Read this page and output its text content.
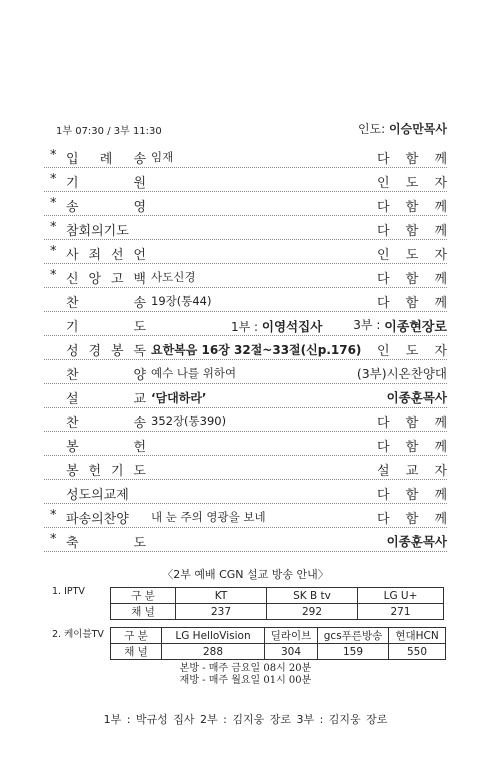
1부 07:30 / 3부 11:30	인도: 이승만목사
* 입 례 송 임재	다 함 께
* 기	원	인 도 자
* 송	영	다 함 께
* 참회의기도	다 함 께
* 사 죄 선 언	인 도 자
* 신 앙 고 백 사도신경	다 함 께
찬	송 19장(통44)	다 함 께
기	도	1부 : 이영석집사	3부 : 이종현장로
성 경 봉 독 요한복음 16장 32절~33절(신p.176) 인 도 자
찬	양 예수 나를 위하여	(3부)시온찬양대
설	교 ‘담대하라’	이종훈목사
찬	송 352장(통390)	다 함 께
봉	헌	다 함 께
봉 헌 기 도	설 교 자
성도의교제	다 함 께
* 파송의찬양	내 눈 주의 영광을 보네	다 함 께
* 축	도	이종훈목사
〈2부 예배 CGN 설교 방송 안내〉
1. IPTV	구 분	KT	SK B tv	LG U+
채 널	237	292	271
2. 케이블TV 구 분	LG HelloVision	딜라이브	gcs푸른방송	현대HCN
채 널	288	304	159	550
본방 - 매주 금요일 08시 20분
재방 - 매주 월요일 01시 00분
1부 : 박규성 집사 2부 : 김지웅 장로 3부 : 김지웅 장로
